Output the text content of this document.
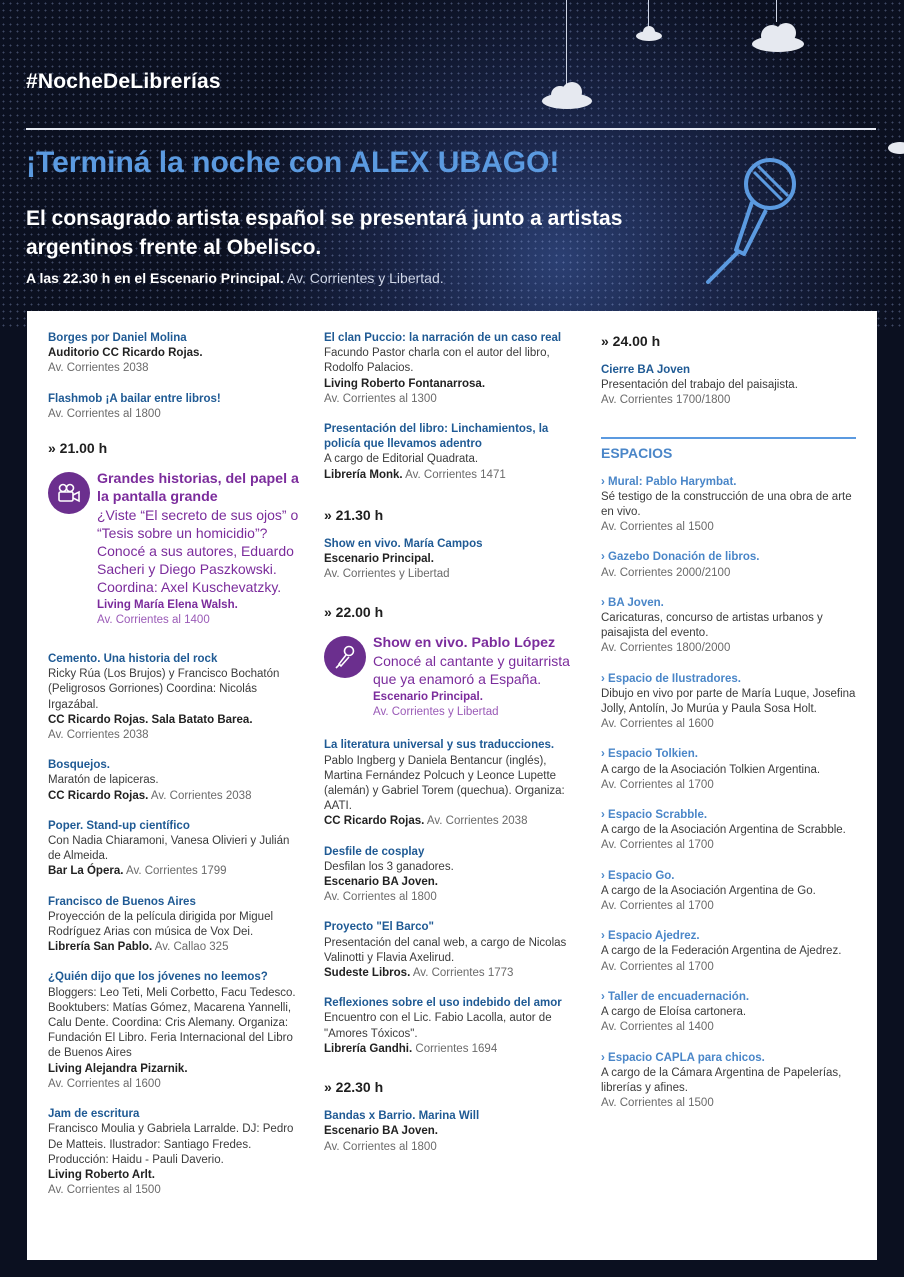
#NocheDeLibrerías
¡Terminá la noche con ALEX UBAGO!
El consagrado artista español se presentará junto a artistas argentinos frente al Obelisco.
A las 22.30 h en el Escenario Principal. Av. Corrientes y Libertad.
Borges por Daniel Molina
Auditorio CC Ricardo Rojas.
Av. Corrientes 2038
Flashmob ¡A bailar entre libros!
Av. Corrientes al 1800
» 21.00 h
Grandes historias, del papel a la pantalla grande
¿Viste “El secreto de sus ojos” o “Tesis sobre un homicidio”? Conocé a sus autores, Eduardo Sacheri y Diego Paszkowski. Coordina: Axel Kuschevatzky.
Living María Elena Walsh.
Av. Corrientes al 1400
Cemento. Una historia del rock
Ricky Rúa (Los Brujos) y Francisco Bochatón (Peligrosos Gorriones) Coordina: Nicolás Irgazábal.
CC Ricardo Rojas. Sala Batato Barea.
Av. Corrientes 2038
Bosquejos.
Maratón de lapiceras.
CC Ricardo Rojas. Av. Corrientes 2038
Poper. Stand-up científico
Con Nadia Chiaramoni, Vanesa Olivieri y Julián de Almeida.
Bar La Ópera. Av. Corrientes 1799
Francisco de Buenos Aires
Proyección de la película dirigida por Miguel Rodríguez Arias con música de Vox Dei.
Librería San Pablo. Av. Callao 325
¿Quién dijo que los jóvenes no leemos?
Bloggers: Leo Teti, Meli Corbetto, Facu Tedesco. Booktubers: Matías Gómez, Macarena Yannelli, Calu Dente. Coordina: Cris Alemany. Organiza: Fundación El Libro. Feria Internacional del Libro de Buenos Aires
Living Alejandra Pizarnik.
Av. Corrientes al 1600
Jam de escritura
Francisco Moulia y Gabriela Larralde. DJ: Pedro De Matteis. Ilustrador: Santiago Fredes. Producción: Haidu - Pauli Daverio.
Living Roberto Arlt.
Av. Corrientes al 1500
El clan Puccio: la narración de un caso real
Facundo Pastor charla con el autor del libro, Rodolfo Palacios.
Living Roberto Fontanarrosa.
Av. Corrientes al 1300
Presentación del libro: Linchamientos, la policía que llevamos adentro
A cargo de Editorial Quadrata.
Librería Monk. Av. Corrientes 1471
» 21.30 h
Show en vivo. María Campos
Escenario Principal.
Av. Corrientes y Libertad
» 22.00 h
Show en vivo. Pablo López
Conocé al cantante y guitarrista que ya enamoró a España.
Escenario Principal.
Av. Corrientes y Libertad
La literatura universal y sus traducciones.
Pablo Ingberg y Daniela Bentancur (inglés), Martina Fernández Polcuch y Leonce Lupette (alemán) y Gabriel Torem (quechua). Organiza: AATI.
CC Ricardo Rojas. Av. Corrientes 2038
Desfile de cosplay
Desfilan los 3 ganadores.
Escenario BA Joven.
Av. Corrientes al 1800
Proyecto "El Barco"
Presentación del canal web, a cargo de Nicolas Valinotti y Flavia Axelirud.
Sudeste Libros. Av. Corrientes 1773
Reflexiones sobre el uso indebido del amor
Encuentro con el Lic. Fabio Lacolla, autor de "Amores Tóxicos".
Librería Gandhi. Corrientes 1694
» 22.30 h
Bandas x Barrio. Marina Will
Escenario BA Joven.
Av. Corrientes al 1800
» 24.00 h
Cierre BA Joven
Presentación del trabajo del paisajista.
Av. Corrientes 1700/1800
ESPACIOS
› Mural: Pablo Harymbat.
Sé testigo de la construcción de una obra de arte en vivo.
Av. Corrientes al 1500
› Gazebo Donación de libros.
Av. Corrientes 2000/2100
› BA Joven.
Caricaturas, concurso de artistas urbanos y paisajista del evento.
Av. Corrientes 1800/2000
› Espacio de Ilustradores.
Dibujo en vivo por parte de María Luque, Josefina Jolly, Antolín, Jo Murúa y Paula Sosa Holt.
Av. Corrientes al 1600
› Espacio Tolkien.
A cargo de la Asociación Tolkien Argentina.
Av. Corrientes al 1700
› Espacio Scrabble.
A cargo de la Asociación Argentina de Scrabble.
Av. Corrientes al 1700
› Espacio Go.
A cargo de la Asociación Argentina de Go.
Av. Corrientes al 1700
› Espacio Ajedrez.
A cargo de la Federación Argentina de Ajedrez.
Av. Corrientes al 1700
› Taller de encuadernación.
A cargo de Eloísa cartonera.
Av. Corrientes al 1400
› Espacio CAPLA para chicos.
A cargo de la Cámara Argentina de Papelerías, librerías y afines.
Av. Corrientes al 1500
